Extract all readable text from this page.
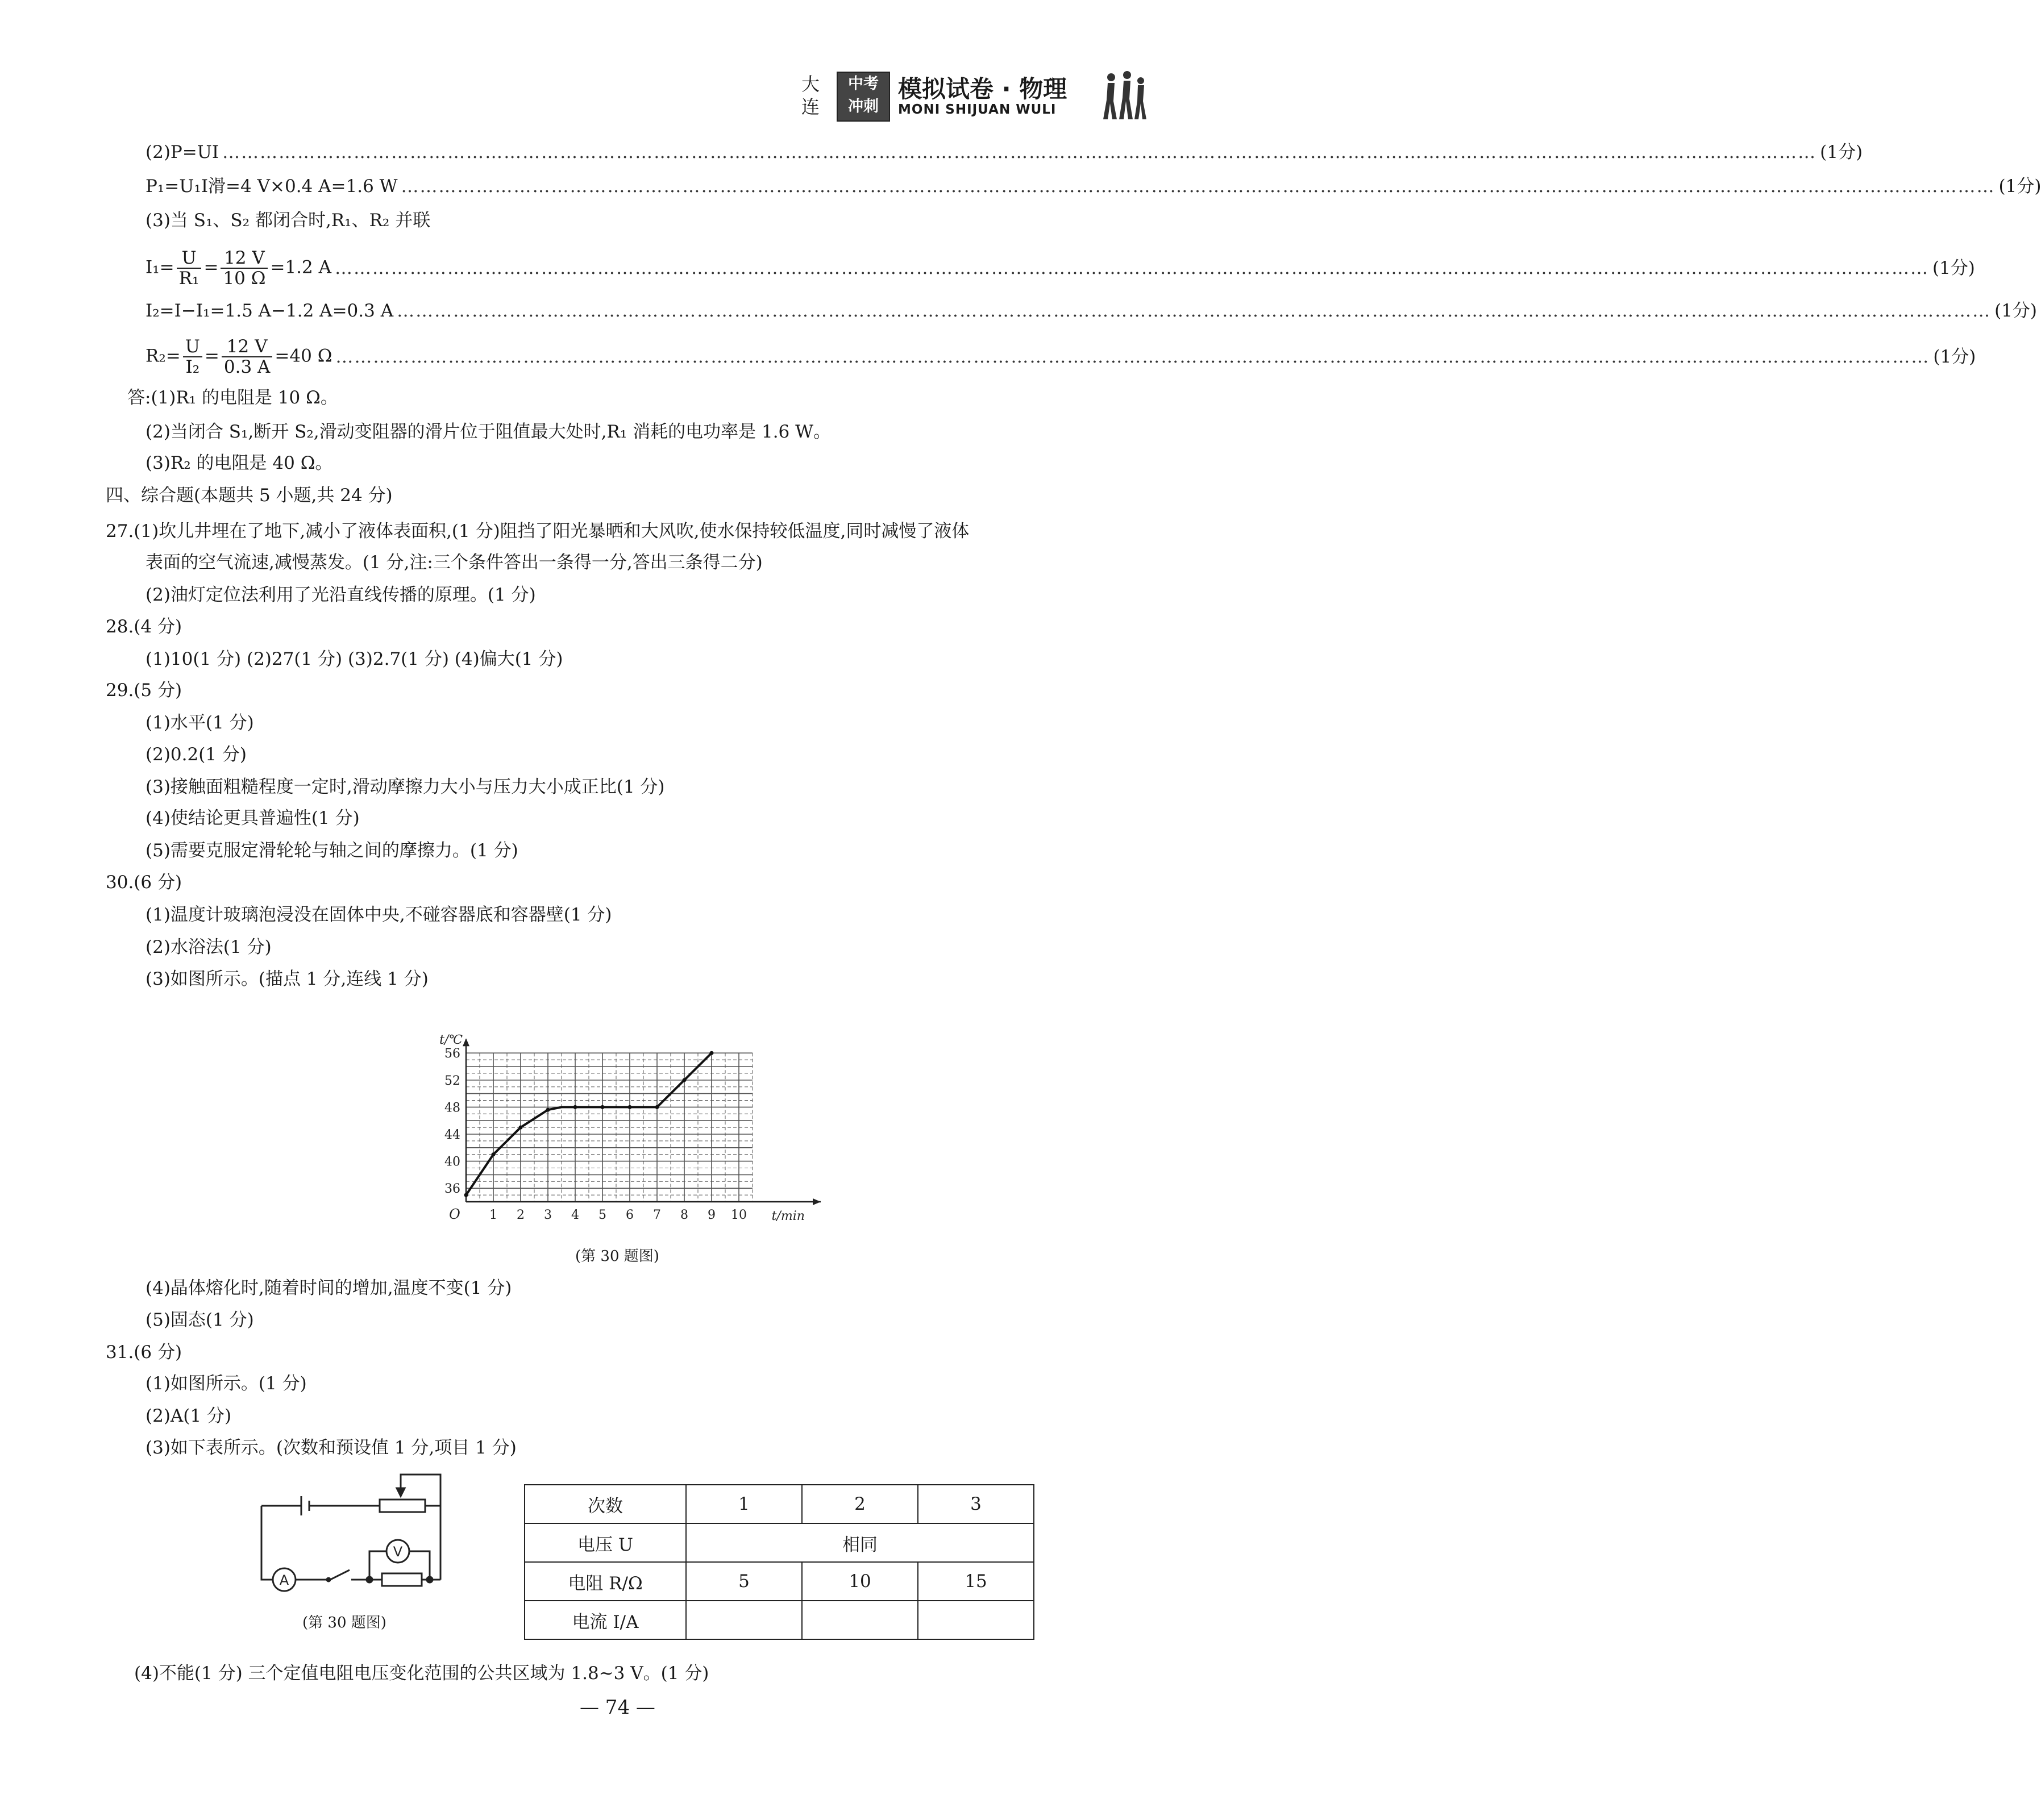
大
连
中考
冲刺
模拟试卷 · 物理
MONI SHIJUAN WULI
(2)P=UI ………………………………………………………………………………………………………………………………………………………………………………………………………………………………… (1分)
P₁=U₁I滑=4 V×0.4 A=1.6 W ………………………………………………………………………………………………………………………………………………………………………………………………………………………………… (1分)
(3)当 S₁、S₂ 都闭合时,R₁、R₂ 并联
$I_1= \frac{U}{\text{R₁}} = \frac{12 V}{10 \Omega} =1.2$ A ………………………………………………………………………………………………………………………………………………………………………………………………………………………………… (1分)
I₂=I−I₁=1.5 A−1.2 A=0.3 A ………………………………………………………………………………………………………………………………………………………………………………………………………………………………… (1分)
$R_2= \frac{U}{\text{I₂}} = \frac{12 V}{0.3 A} =40$ Ω ………………………………………………………………………………………………………………………………………………………………………………………………………………………………… (1分)
答:(1)R₁ 的电阻是 10 Ω。
(2)当闭合 S₁,断开 S₂,滑动变阻器的滑片位于阻值最大处时,R₁ 消耗的电功率是 1.6 W。
(3)R₂ 的电阻是 40 Ω。
四、综合题(本题共 5 小题,共 24 分)
27.(1)坎儿井埋在了地下,减小了液体表面积,(1 分)阻挡了阳光暴晒和大风吹,使水保持较低温度,同时减慢了液体
表面的空气流速,减慢蒸发。(1 分,注:三个条件答出一条得一分,答出三条得二分)
(2)油灯定位法利用了光沿直线传播的原理。(1 分)
28.(4 分)
(1)10(1 分) (2)27(1 分) (3)2.7(1 分) (4)偏大(1 分)
29.(5 分)
(1)水平(1 分)
(2)0.2(1 分)
(3)接触面粗糙程度一定时,滑动摩擦力大小与压力大小成正比(1 分)
(4)使结论更具普遍性(1 分)
(5)需要克服定滑轮轮与轴之间的摩擦力。(1 分)
30.(6 分)
(1)温度计玻璃泡浸没在固体中央,不碰容器底和容器壁(1 分)
(2)水浴法(1 分)
(3)如图所示。(描点 1 分,连线 1 分)
1 2 3 4 5 6 7 8 9 10
36
40
44
48
52
56
O	t/min
t/℃
(第 30 题图)
(4)晶体熔化时,随着时间的增加,温度不变(1 分)
(5)固态(1 分)
31.(6 分)
(1)如图所示。(1 分)
(2)A(1 分)
(3)如下表所示。(次数和预设值 1 分,项目 1 分)
A
V
(第 30 题图)
次数	1	2	3
电压 U	相同		
电阻 R/Ω	5	10	15
电流 I/A			
(4)不能(1 分) 三个定值电阻电压变化范围的公共区域为 1.8~3 V。(1 分)
— 74 —
